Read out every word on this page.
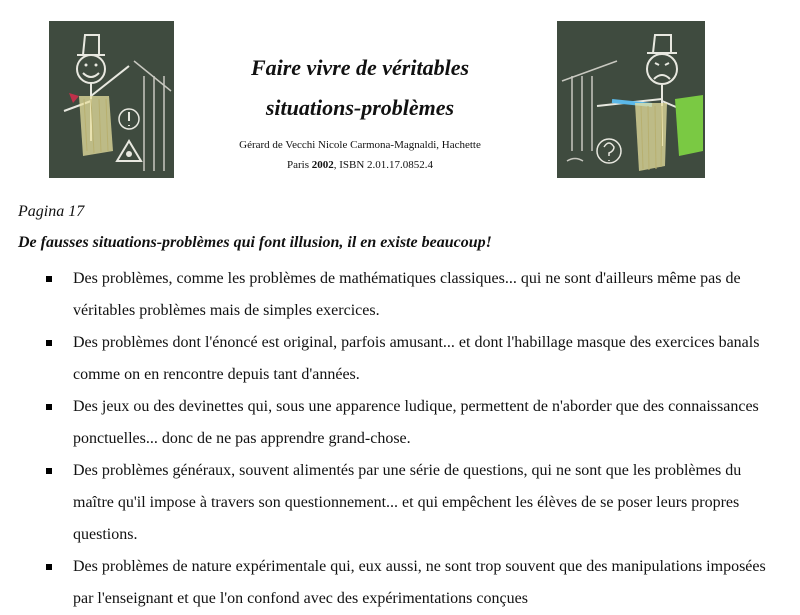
Faire vivre de véritables
situations-problèmes
Gérard de Vecchi Nicole Carmona-Magnaldi, Hachette
Paris 2002, ISBN 2.01.17.0852.4
Pagina 17
De fausses situations-problèmes qui font illusion, il en existe beaucoup!
Des problèmes, comme les problèmes de mathématiques classiques... qui ne sont d'ailleurs même pas de véritables problèmes mais de simples exercices.
Des problèmes dont l'énoncé est original, parfois amusant... et dont l'habillage masque des exercices banals comme on en rencontre depuis tant d'années.
Des jeux ou des devinettes qui, sous une apparence ludique, permettent de n'aborder que des connaissances ponctuelles... donc de ne pas apprendre grand-chose.
Des problèmes généraux, souvent alimentés par une série de questions, qui ne sont que les problèmes du maître qu'il impose à travers son questionnement... et qui empêchent les élèves de se poser leurs propres questions.
Des problèmes de nature expérimentale qui, eux aussi, ne sont trop souvent que des manipulations imposées par l'enseignant et que l'on confond avec des expérimentations conçues
